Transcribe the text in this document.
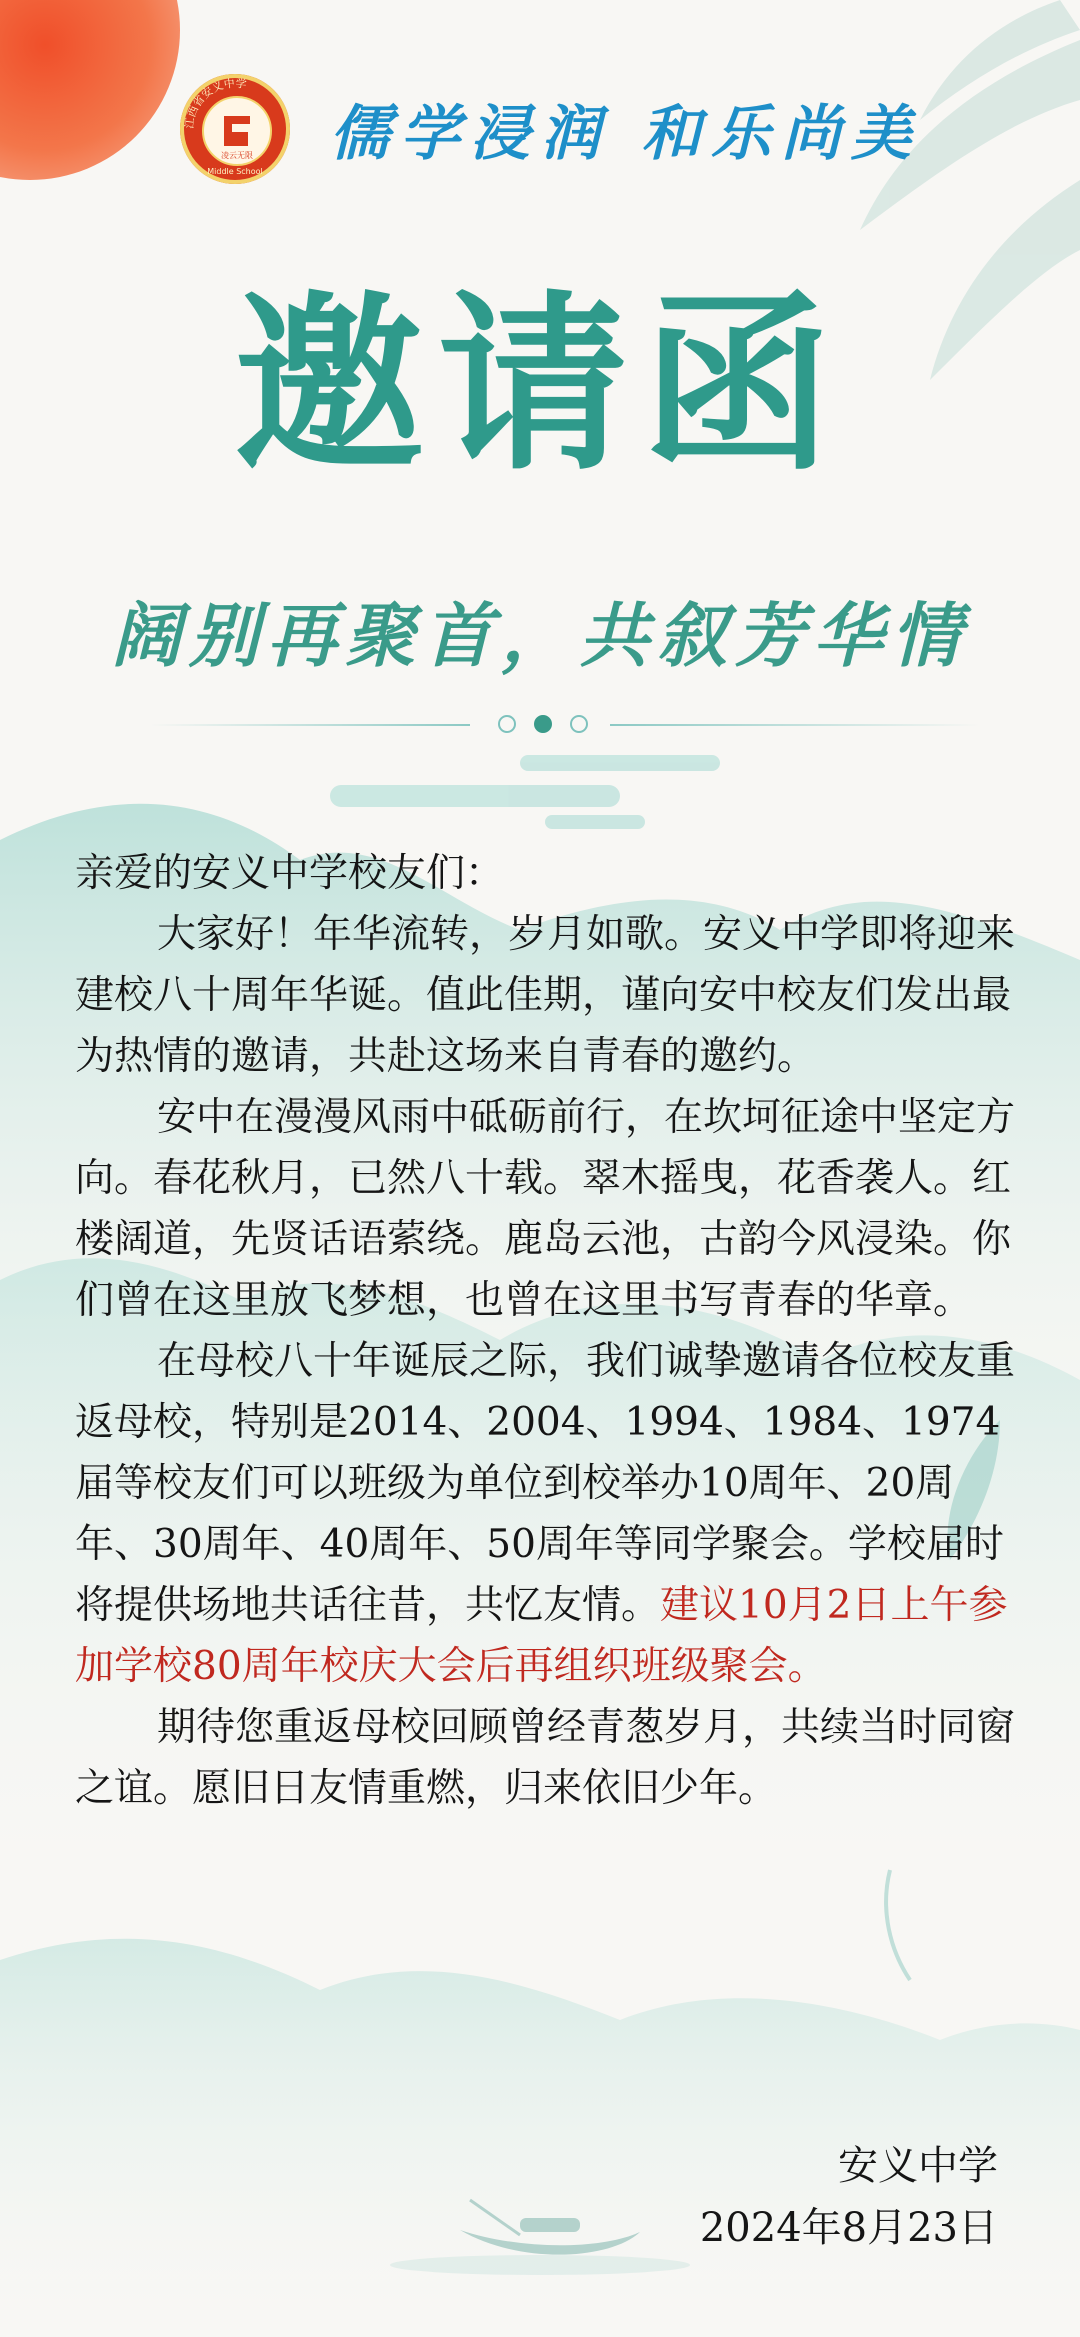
江西省安义中学
Middle School
凌云无限 儒学浸润 和乐尚美
邀请函
阔别再聚首，共叙芳华情

亲爱的安义中学校友们：

大家好！年华流转，岁月如歌。安义中学即将迎来建校八十周年华诞。值此佳期，谨向安中校友们发出最为热情的邀请，共赴这场来自青春的邀约。

安中在漫漫风雨中砥砺前行，在坎坷征途中坚定方向。春花秋月，已然八十载。翠木摇曳，花香袭人。红楼阔道，先贤话语萦绕。鹿岛云池，古韵今风浸染。你们曾在这里放飞梦想，也曾在这里书写青春的华章。

在母校八十年诞辰之际，我们诚挚邀请各位校友重返母校，特别是2014、2004、1994、1984、1974届等校友们可以班级为单位到校举办10周年、20周年、30周年、40周年、50周年等同学聚会。学校届时将提供场地共话往昔，共忆友情。建议10月2日上午参加学校80周年校庆大会后再组织班级聚会。

期待您重返母校回顾曾经青葱岁月，共续当时同窗之谊。愿旧日友情重燃，归来依旧少年。

安义中学
2024年8月23日
